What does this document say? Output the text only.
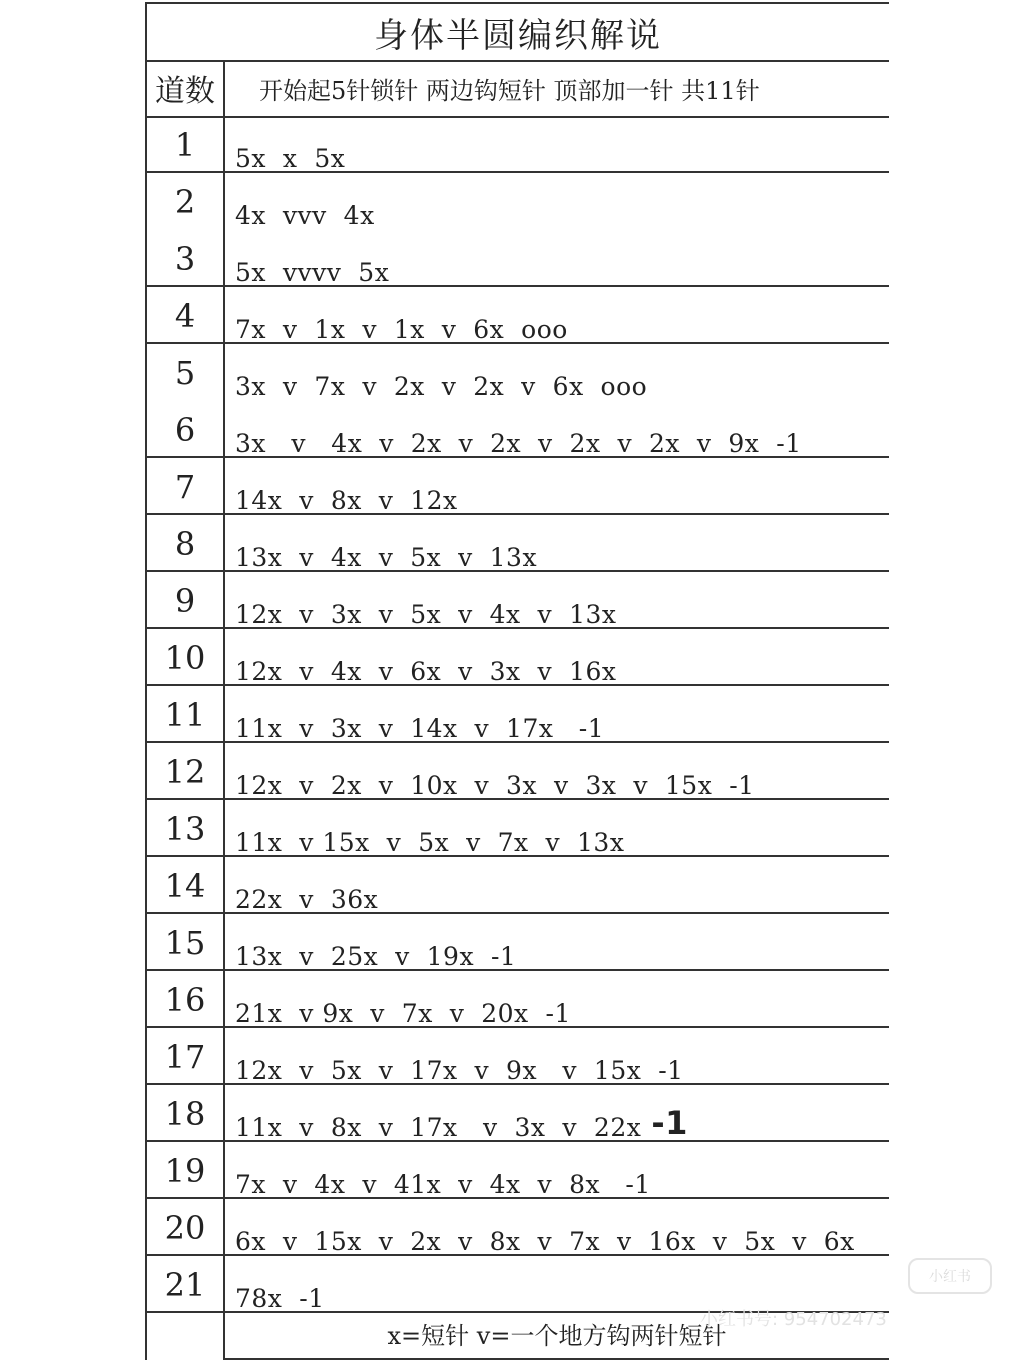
身体半圆编织解说
道数	开始起5针锁针 两边钩短针 顶部加一针 共11针
1	5x  x  5x
2	4x  vvv  4x
3	5x  vvvv  5x
4	7x  v  1x  v  1x  v  6x  ooo
5	3x  v  7x  v  2x  v  2x  v  6x  ooo
6	3x   v   4x  v  2x  v  2x  v  2x  v  2x  v  9x  -1
7	14x  v  8x  v  12x
8	13x  v  4x  v  5x  v  13x
9	12x  v  3x  v  5x  v  4x  v  13x
10	12x  v  4x  v  6x  v  3x  v  16x
11	11x  v  3x  v  14x  v  17x   -1
12	12x  v  2x  v  10x  v  3x  v  3x  v  15x  -1
13	11x  v 15x  v  5x  v  7x  v  13x
14	22x  v  36x
15	13x  v  25x  v  19x  -1
16	21x  v 9x  v  7x  v  20x  -1
17	12x  v  5x  v  17x  v  9x   v  15x  -1
18	11x  v  8x  v  17x   v  3x  v  22x -1
19	7x  v  4x  v  41x  v  4x  v  8x   -1
20	6x  v  15x  v  2x  v  8x  v  7x  v  16x  v  5x  v  6x
21	78x  -1
x=短针 v=一个地方钩两针短针
小红书
小红书号: 954702473
